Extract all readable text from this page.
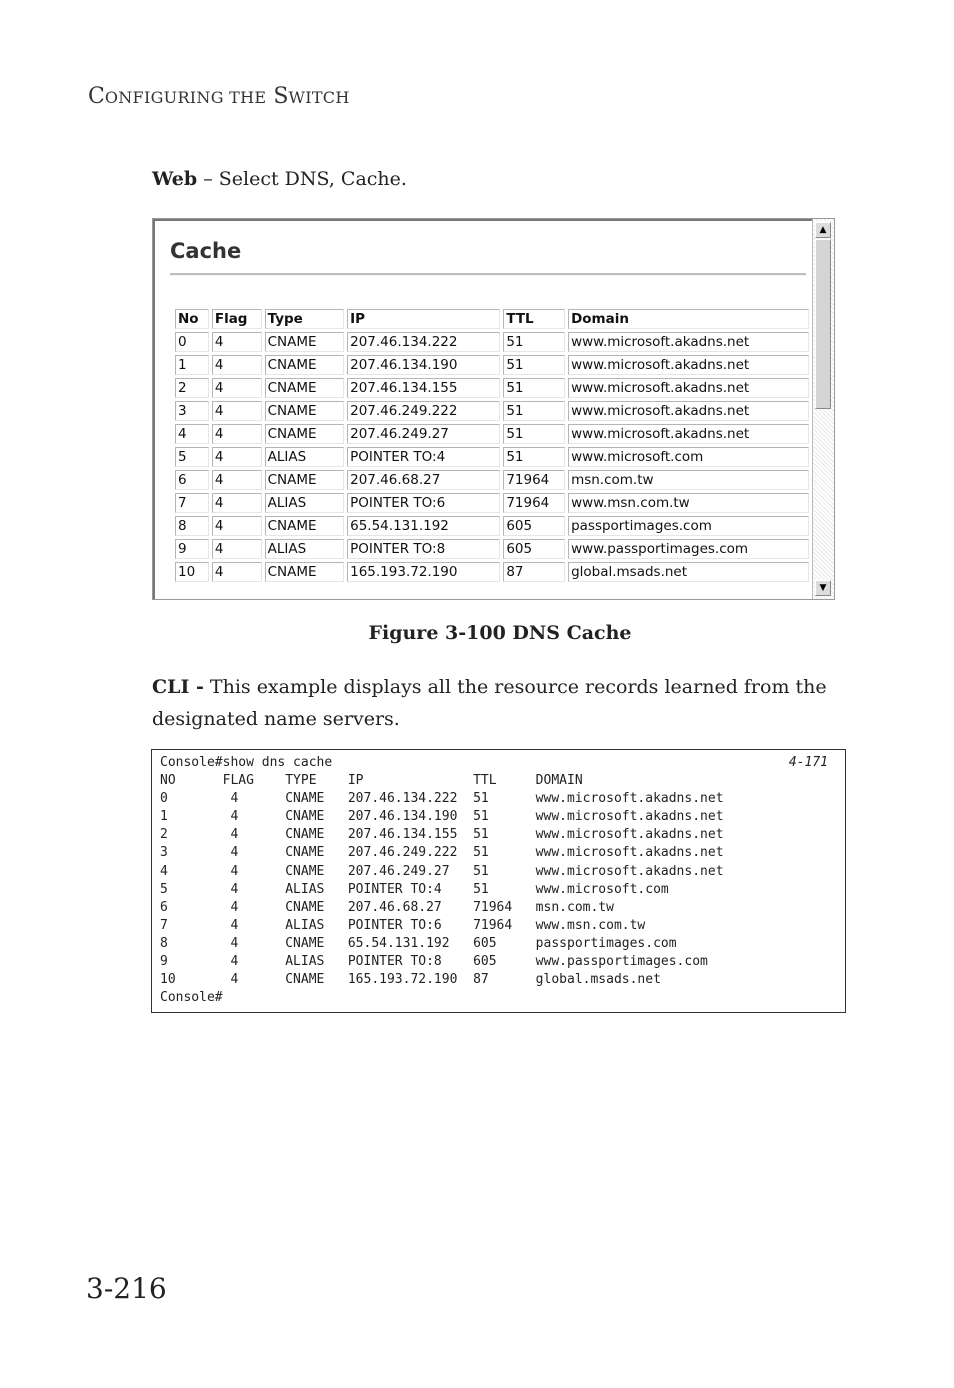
CONFIGURING THE SWITCH
Web – Select DNS, Cache.
Cache
No	Flag	Type	IP	TTL	Domain
0	4	CNAME	207.46.134.222	51	www.microsoft.akadns.net
1	4	CNAME	207.46.134.190	51	www.microsoft.akadns.net
2	4	CNAME	207.46.134.155	51	www.microsoft.akadns.net
3	4	CNAME	207.46.249.222	51	www.microsoft.akadns.net
4	4	CNAME	207.46.249.27	51	www.microsoft.akadns.net
5	4	ALIAS	POINTER TO:4	51	www.microsoft.com
6	4	CNAME	207.46.68.27	71964	msn.com.tw
7	4	ALIAS	POINTER TO:6	71964	www.msn.com.tw
8	4	CNAME	65.54.131.192	605	passportimages.com
9	4	ALIAS	POINTER TO:8	605	www.passportimages.com
10	4	CNAME	165.193.72.190	87	global.msads.net
▲
▼
Figure 3-100 DNS Cache
CLI - This example displays all the resource records learned from the designated name servers.
Console#show dns cache
NO      FLAG    TYPE    IP              TTL     DOMAIN
0        4      CNAME   207.46.134.222  51      www.microsoft.akadns.net
1        4      CNAME   207.46.134.190  51      www.microsoft.akadns.net
2        4      CNAME   207.46.134.155  51      www.microsoft.akadns.net
3        4      CNAME   207.46.249.222  51      www.microsoft.akadns.net
4        4      CNAME   207.46.249.27   51      www.microsoft.akadns.net
5        4      ALIAS   POINTER TO:4    51      www.microsoft.com
6        4      CNAME   207.46.68.27    71964   msn.com.tw
7        4      ALIAS   POINTER TO:6    71964   www.msn.com.tw
8        4      CNAME   65.54.131.192   605     passportimages.com
9        4      ALIAS   POINTER TO:8    605     www.passportimages.com
10       4      CNAME   165.193.72.190  87      global.msads.net
Console#
4-171
3-216
